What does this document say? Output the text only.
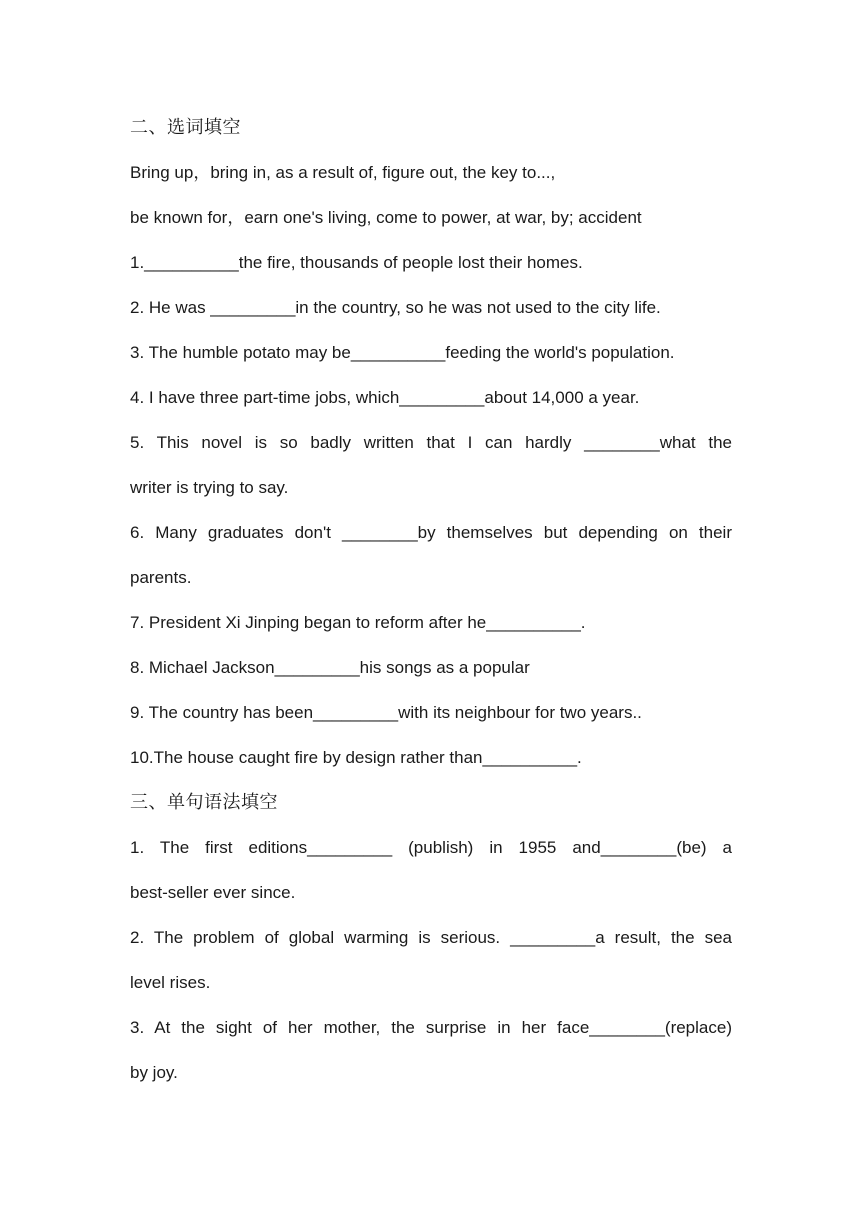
二、选词填空
Bring up，bring in, as a result of, figure out, the key to...,
be known for，earn one's living, come to power, at war, by; accident
1.__________the fire, thousands of people lost their homes.
2. He was _________in the country, so he was not used to the city life.
3. The humble potato may be__________feeding the world's population.
4. I have three part-time jobs, which_________about 14,000 a year.
5. This novel is so badly written that I can hardly ________what the
writer is trying to say.
6. Many graduates don't ________by themselves but depending on their
parents.
7. President Xi Jinping began to reform after he__________.
8. Michael Jackson_________his songs as a popular
9. The country has been_________with its neighbour for two years..
10.The house caught fire by design rather than__________.
三、单句语法填空
1. The first editions_________ (publish) in 1955 and________(be) a
best-seller ever since.
2. The problem of global warming is serious. _________a result, the sea
level rises.
3. At the sight of her mother, the surprise in her face________(replace)
by joy.
